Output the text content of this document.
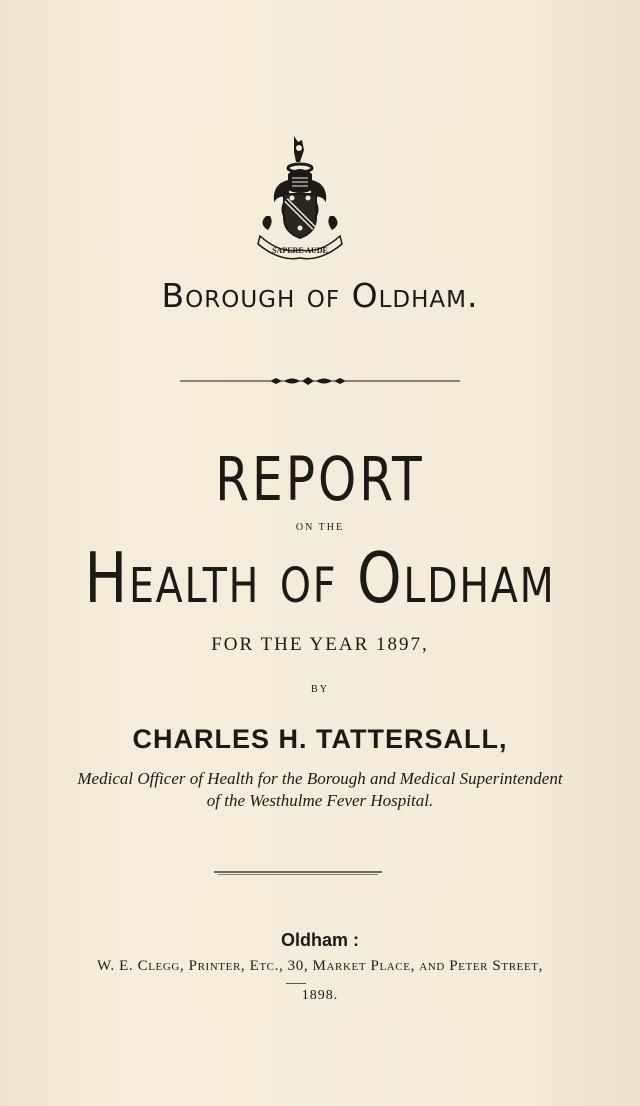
SAPERE AUDE
Borough of Oldham.
REPORT
ON THE
Health of Oldham
FOR THE YEAR 1897,
BY
CHARLES H. TATTERSALL,
Medical Officer of Health for the Borough and Medical Superintendent
of the Westhulme Fever Hospital.
Oldham :
W. E. Clegg, Printer, Etc., 30, Market Place, and Peter Street,
1898.
